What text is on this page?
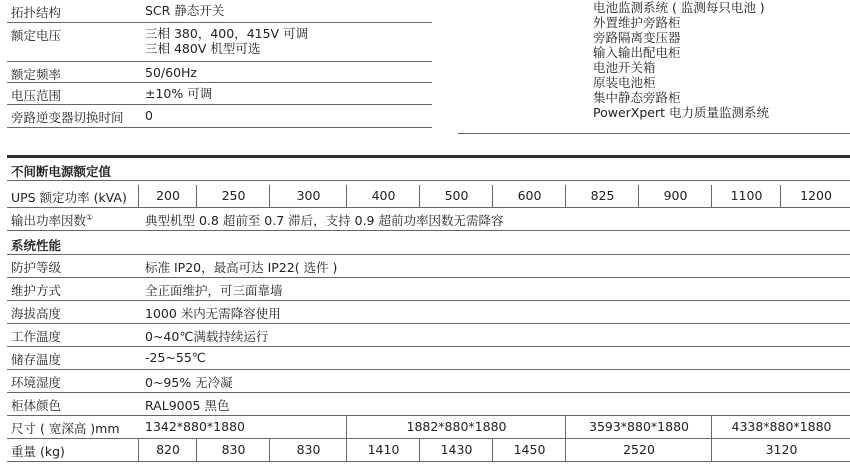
拓扑结构	SCR 静态开关
额定电压	三相 380，400，415V 可调
三相 480V 机型可选
额定频率	50/60Hz
电压范围	±10% 可调
旁路逆变器切换时间 0
电池监测系统 ( 监测每只电池 )
外置维护旁路柜
旁路隔离变压器
输入输出配电柜
电池开关箱
原装电池柜
集中静态旁路柜
PowerXpert 电力质量监测系统
不间断电源额定值
UPS 额定功率 (kVA)	200	250	300	400	500	600	825	900	1100	1200
输出功率因数①	典型机型 0.8 超前至 0.7 滞后，支持 0.9 超前功率因数无需降容
系统性能
防护等级	标准 IP20，最高可达 IP22( 选件 )
维护方式	全正面维护，可三面靠墙
海拔高度	1000 米内无需降容使用
工作温度	0~40℃满载持续运行
储存温度	-25~55℃
环境湿度	0~95% 无冷凝
柜体颜色	RAL9005 黑色
尺寸 ( 宽深高 )mm	1342*880*1880	1882*880*1880	3593*880*1880	4338*880*1880
重量 (kg)	820	830	830	1410	1430	1450	2520	3120
